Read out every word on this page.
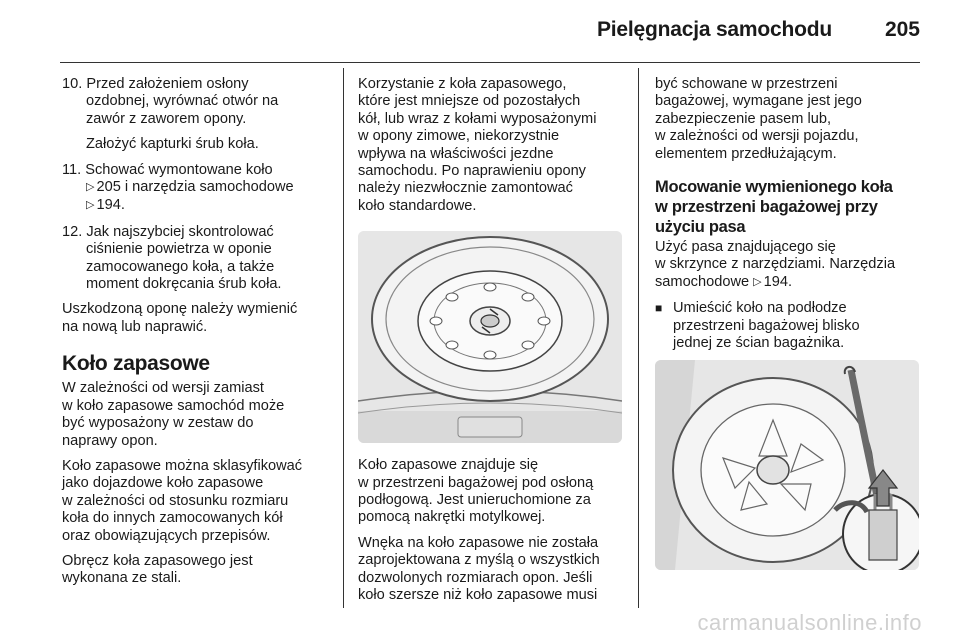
Pielęgnacja samochodu	205
10. Przed założeniem osłony
ozdobnej, wyrównać otwór na
zawór z zaworem opony.
Założyć kapturki śrub koła.
11. Schować wymontowane koło
▷ 205 i narzędzia samochodowe
▷ 194.
12. Jak najszybciej skontrolować
ciśnienie powietrza w oponie
zamocowanego koła, a także
moment dokręcania śrub koła.

Uszkodzoną oponę należy wymienić
na nową lub naprawić.

Koło zapasowe

W zależności od wersji zamiast
w koło zapasowe samochód może
być wyposażony w zestaw do
naprawy opon.

Koło zapasowe można sklasyfikować
jako dojazdowe koło zapasowe
w zależności od stosunku rozmiaru
koła do innych zamocowanych kół
oraz obowiązujących przepisów.

Obręcz koła zapasowego jest
wykonana ze stali.

Korzystanie z koła zapasowego,
które jest mniejsze od pozostałych
kół, lub wraz z kołami wyposażonymi
w opony zimowe, niekorzystnie
wpływa na właściwości jezdne
samochodu. Po naprawieniu opony
należy niezwłocznie zamontować
koło standardowe.

Koło zapasowe znajduje się
w przestrzeni bagażowej pod osłoną
podłogową. Jest unieruchomione za
pomocą nakrętki motylkowej.

Wnęka na koło zapasowe nie została
zaprojektowana z myślą o wszystkich
dozwolonych rozmiarach opon. Jeśli
koło szersze niż koło zapasowe musi

być schowane w przestrzeni
bagażowej, wymagane jest jego
zabezpieczenie pasem lub,
w zależności od wersji pojazdu,
elementem przedłużającym.

Mocowanie wymienionego koła
w przestrzeni bagażowej przy
użyciu pasa

Użyć pasa znajdującego się
w skrzynce z narzędziami. Narzędzia
samochodowe ▷ 194.

■ Umieścić koło na podłodze
przestrzeni bagażowej blisko
jednej ze ścian bagażnika.
carmanualsonline.info
